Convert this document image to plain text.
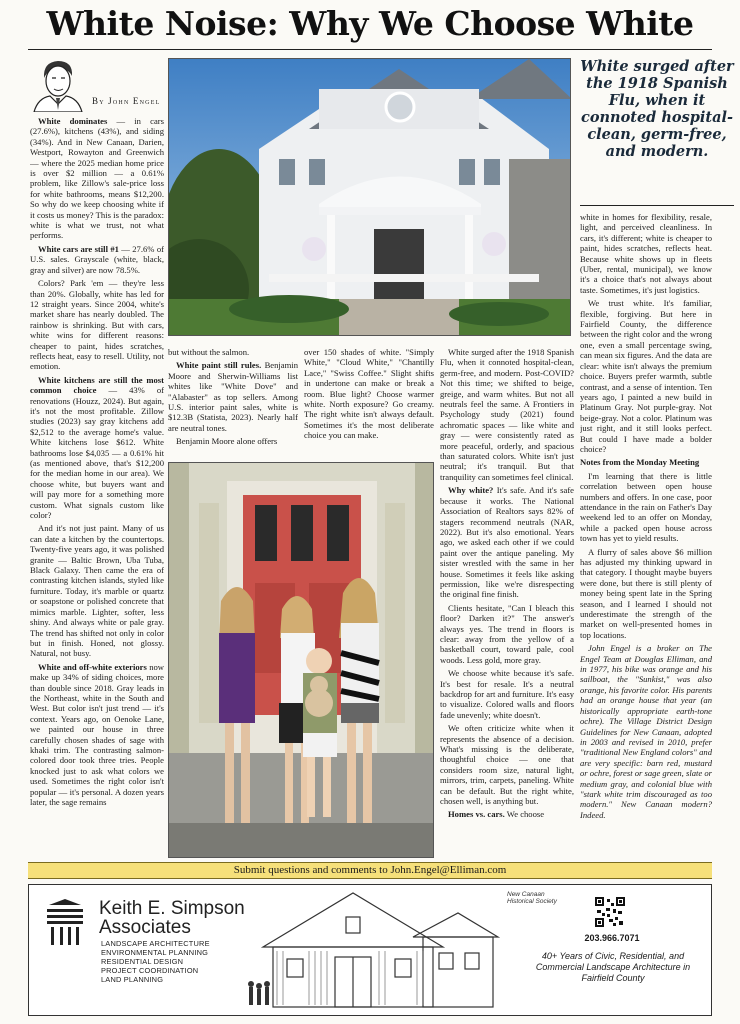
White Noise: Why We Choose White
By John Engel

White dominates — in cars (27.6%), kitchens (43%), and siding (34%). And in New Canaan, Darien, Westport, Rowayton and Greenwich — where the 2025 median home price is over $2 million — a 0.61% problem, like Zillow's sale-price loss for white bathrooms, means $12,200. So why do we keep choosing white if it costs us money? This is the paradox: white is what we trust, not what performs.

White cars are still #1 — 27.6% of U.S. sales. Grayscale (white, black, gray and silver) are now 78.5%.

Colors? Park 'em — they're less than 20%. Globally, white has led for 12 straight years. Since 2004, white's market share has nearly doubled. The rainbow is shrinking. But with cars, white wins for different reasons: cheaper to paint, hides scratches, reflects heat, easy to resell. Utility, not emotion.

White kitchens are still the most common choice — 43% of renovations (Houzz, 2024). But again, it's not the most profitable. Zillow studies (2023) say gray kitchens add $2,512 to the average home's value. White kitchens lose $612. White bathrooms lose $4,035 — a 0.61% hit (as mentioned above, that's $12,200 for the median home in our area). We choose white, but buyers want and will pay more for a something more custom. What signals custom like color?

And it's not just paint. Many of us can date a kitchen by the countertops. Twenty-five years ago, it was polished granite — Baltic Brown, Uba Tuba, Black Galaxy. Then came the era of contrasting kitchen islands, styled like furniture. Today, it's marble or quartz or soapstone or polished concrete that mimics marble. Lighter, softer, less shiny. And always white or pale gray. The trend has shifted not only in color but in finish. Honed, not glossy. Natural, not busy.

White and off-white exteriors now make up 34% of siding choices, more than double since 2018. Gray leads in the Northeast, white in the South and West. But color isn't just trend — it's context. Years ago, on Oenoke Lane, we painted our house in three carefully chosen shades of sage with khaki trim. The contrasting salmon-colored door took three tries. People knocked just to ask what colors we used. Sometimes the right color isn't popular — it's personal. A dozen years later, the sage remains

White surged after the 1918 Spanish Flu, when it connoted hospital-clean, germ-free, and modern.

but without the salmon.

White paint still rules. Benjamin Moore and Sherwin-Williams list whites like "White Dove" and "Alabaster" as top sellers. Among U.S. interior paint sales, white is $12.3B (Statista, 2023). Nearly half are neutral tones.

Benjamin Moore alone offers

over 150 shades of white. "Simply White," "Cloud White," "Chantilly Lace," "Swiss Coffee." Slight shifts in undertone can make or break a room. Blue light? Choose warmer white. North exposure? Go creamy. The right white isn't always default. Sometimes it's the most deliberate choice you can make.

White surged after the 1918 Spanish Flu, when it connoted hospital-clean, germ-free, and modern. Post-COVID? Not this time; we shifted to beige, greige, and warm whites. But not all neutrals feel the same. A Frontiers in Psychology study (2021) found achromatic spaces — like white and gray — were consistently rated as more peaceful, orderly, and spacious than saturated colors. White isn't just neutral; it's tranquil. But that tranquility can sometimes feel clinical.

Why white? It's safe. And it's safe because it works. The National Association of Realtors says 82% of stagers recommend neutrals (NAR, 2022). But it's also emotional. Years ago, we asked each other if we could paint over the antique paneling. My sister wrestled with the same in her house. Sometimes it feels like asking permission, like we're disrespecting the original fine finish.

Clients hesitate, "Can I bleach this floor? Darken it?" The answer's always yes. The trend in floors is clear: away from the yellow of a basketball court, toward pale, cool woods. Less gold, more gray.

We choose white because it's safe. It's best for resale. It's a neutral backdrop for art and furniture. It's easy to visualize. Colored walls and floors fade unevenly; white doesn't.

We often criticize white when it represents the absence of a decision. What's missing is the deliberate, thoughtful choice — one that considers room size, natural light, mirrors, trim, carpets, paneling. White can be default. But the right white, chosen well, is anything but.

Homes vs. cars. We choose

white in homes for flexibility, resale, light, and perceived cleanliness. In cars, it's different; white is cheaper to paint, hides scratches, reflects heat. Because white shows up in fleets (Uber, rental, municipal), we know it's a choice that's not always about taste. Sometimes, it's just logistics.

We trust white. It's familiar, flexible, forgiving. But here in Fairfield County, the difference between the right color and the wrong one, even a small percentage swing, can mean six figures. And the data are clear: white isn't always the premium choice. Buyers prefer warmth, subtle contrast, and a sense of intention. Ten years ago, I painted a new build in Platinum Gray. Not purple-gray. Not beige-gray. Not a color. Platinum was just right, and it still looks perfect. But could I have made a bolder choice?

Notes from the Monday Meeting

I'm learning that there is little correlation between open house numbers and offers. In one case, poor attendance in the rain on Father's Day weekend led to an offer on Monday, while a packed open house across town has yet to yield results.

A flurry of sales above $6 million has adjusted my thinking upward in that category. I thought maybe buyers were done, but there is still plenty of money being spent late in the Spring season, and I learned I should not underestimate the strength of the market on well-presented homes in top locations.

John Engel is a broker on The Engel Team at Douglas Elliman, and in 1977, his bike was orange and his sailboat, the "Sunkist," was also orange, his favorite color. His parents had an orange house that year (an historically appropriate earth-tone ochre). The Village District Design Guidelines for New Canaan, adopted in 2003 and revised in 2010, prefer "traditional New England colors" and are very specific: barn red, mustard or ochre, forest or sage green, slate or medium gray, and colonial blue with "stark white trim discouraged as too modern." New Canaan modern? Indeed.

Submit questions and comments to John.Engel@Elliman.com
Keith E. Simpson
Associates
LANDSCAPE ARCHITECTURE
ENVIRONMENTAL PLANNING
RESIDENTIAL DESIGN
PROJECT COORDINATION
LAND PLANNING
New Canaan Historical Society
203.966.7071
40+ Years of Civic, Residential, and Commercial Landscape Architecture in Fairfield County
